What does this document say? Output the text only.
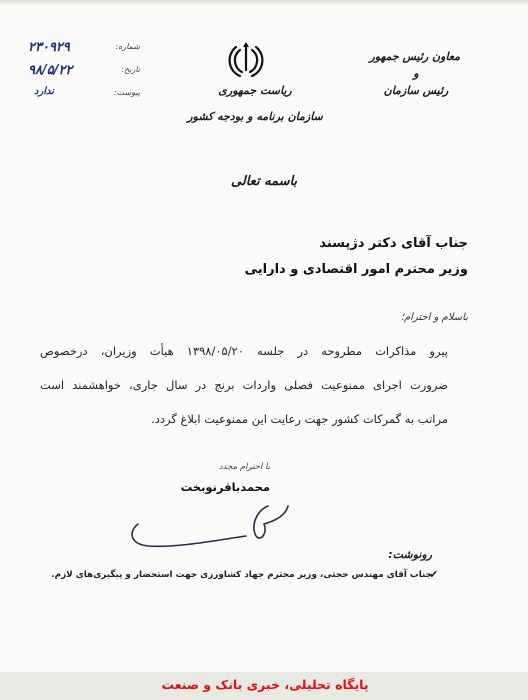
معاون رئیس جمهور
و
رئیس سازمان
ریاست جمهوری
سازمان برنامه و بودجه کشور
شماره:
۲۳۰۹۲۹
تاریخ:
۹۸/۵/۲۲
پیوست:
ندارد
باسمه تعالی
جناب آقای دکتر دژپسند
وزیر محترم امور اقتصادی و دارایی
باسلام و احترام؛
پیرو مذاکرات مطروحه در جلسه ۱۳۹۸/۰۵/۲۰ هیأت وزیران، درخصوص
ضرورت اجرای ممنوعیت فصلی واردات برنج در سال جاری، خواهشمند است
مراتب به گمرکات کشور جهت رعایت این ممنوعیت ابلاغ گردد.
با احترام مجدد
محمدباقرنوبخت
رونوشت:
✔
جناب آقای مهندس حجتی، وزیر محترم جهاد کشاورزی جهت استحضار و پیگیری‌های لازم.
پایگاه تحلیلی، خبری بانک و صنعت
